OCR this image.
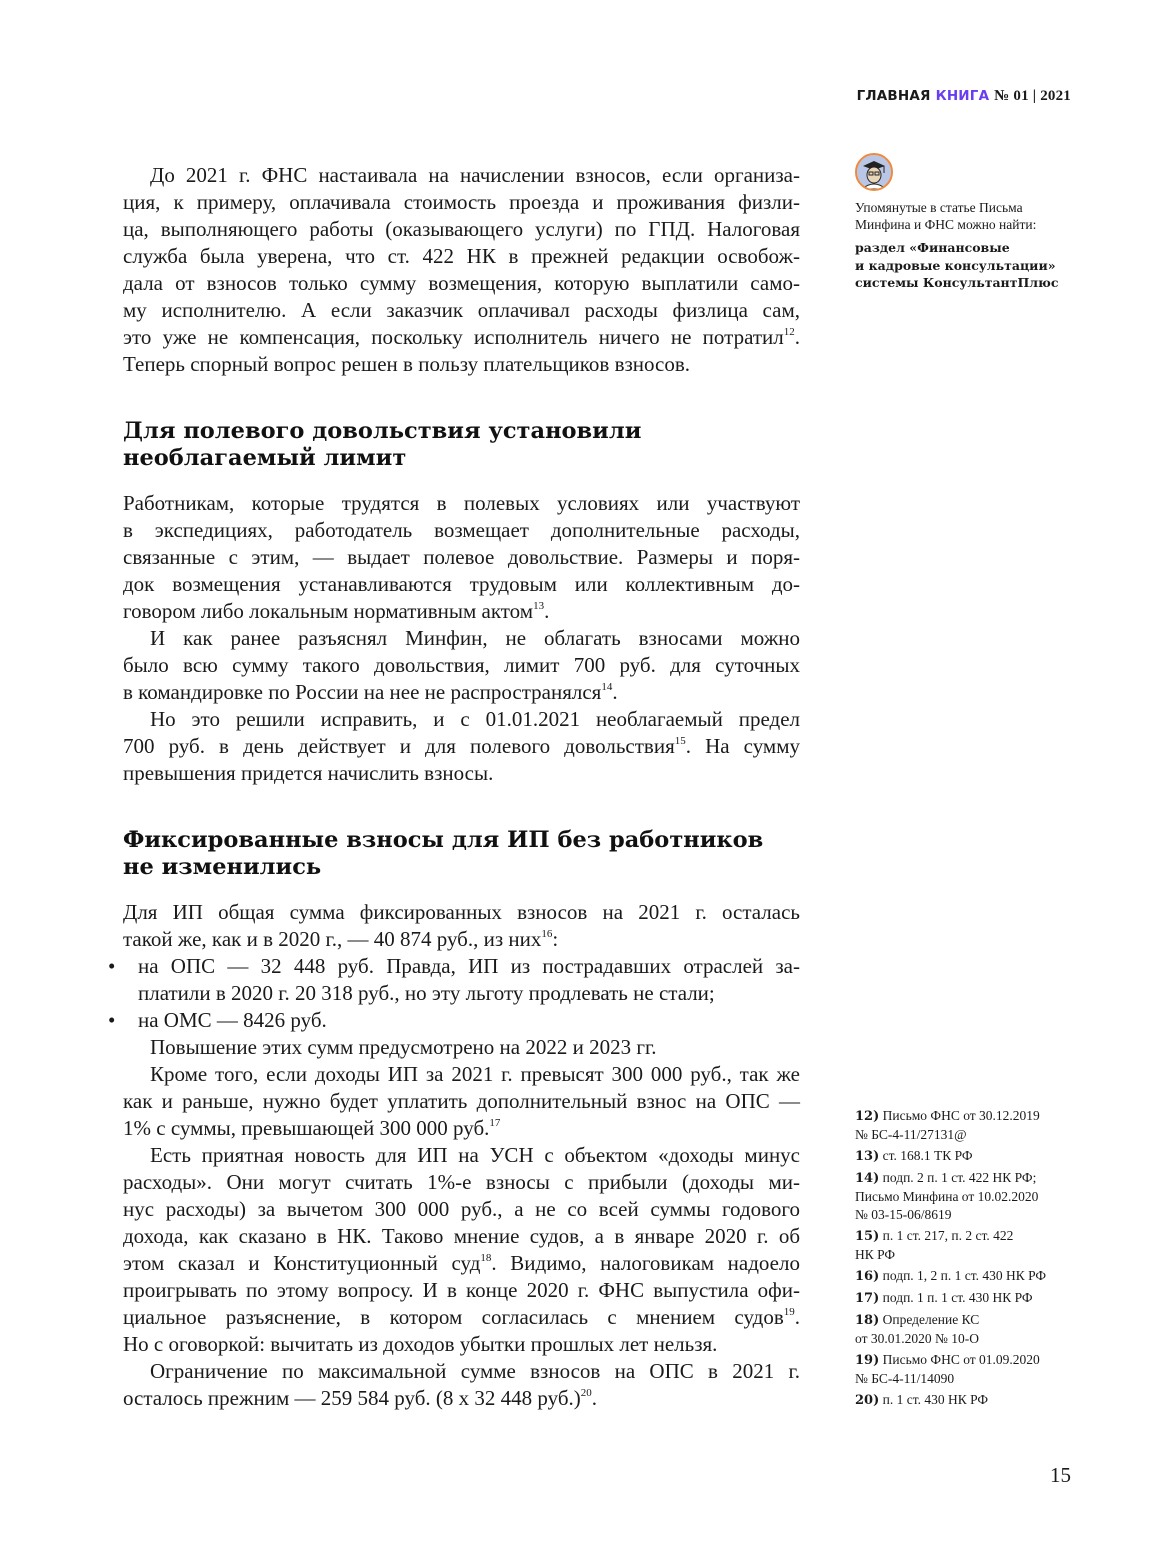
ГЛАВНАЯ КНИГА № 01 | 2021
Упомянутые в статье Письма
Минфина и ФНС можно найти:
раздел «Финансовые
и кадровые консультации»
системы КонсультантПлюс
До 2021 г. ФНС настаивала на начислении взносов, если организа-
ция, к примеру, оплачивала стоимость проезда и проживания физли-
ца, выполняющего работы (оказывающего услуги) по ГПД. Налоговая
служба была уверена, что ст. 422 НК в прежней редакции освобож-
дала от взносов только сумму возмещения, которую выплатили само-
му исполнителю. А если заказчик оплачивал расходы физлица сам,
это уже не компенсация, поскольку исполнитель ничего не потратил$^{12}$.
Теперь спорный вопрос решен в пользу плательщиков взносов.
Для полевого довольствия установили
необлагаемый лимит
Работникам, которые трудятся в полевых условиях или участвуют
в экспедициях, работодатель возмещает дополнительные расходы,
связанные с этим, — выдает полевое довольствие. Размеры и поря-
док возмещения устанавливаются трудовым или коллективным до-
говором либо локальным нормативным актом$^{13}$.
И как ранее разъяснял Минфин, не облагать взносами можно
было всю сумму такого довольствия, лимит 700 руб. для суточных
в командировке по России на нее не распространялся$^{14}$.
Но это решили исправить, и с 01.01.2021 необлагаемый предел
700 руб. в день действует и для полевого довольствия$^{15}$. На сумму
превышения придется начислить взносы.
Фиксированные взносы для ИП без работников
не изменились
Для ИП общая сумма фиксированных взносов на 2021 г. осталась
такой же, как и в 2020 г., — 40 874 руб., из них$^{16}$:
• на ОПС — 32 448 руб. Правда, ИП из пострадавших отраслей за-
платили в 2020 г. 20 318 руб., но эту льготу продлевать не стали;
• на ОМС — 8426 руб.
Повышение этих сумм предусмотрено на 2022 и 2023 гг.
Кроме того, если доходы ИП за 2021 г. превысят 300 000 руб., так же
как и раньше, нужно будет уплатить дополнительный взнос на ОПС —
1% с суммы, превышающей 300 000 руб.$^{17}$
Есть приятная новость для ИП на УСН с объектом «доходы минус
расходы». Они могут считать 1%-е взносы с прибыли (доходы ми-
нус расходы) за вычетом 300 000 руб., а не со всей суммы годового
дохода, как сказано в НК. Таково мнение судов, а в январе 2020 г. об
этом сказал и Конституционный суд$^{18}$. Видимо, налоговикам надоело
проигрывать по этому вопросу. И в конце 2020 г. ФНС выпустила офи-
циальное разъяснение, в котором согласилась с мнением судов$^{19}$.
Но с оговоркой: вычитать из доходов убытки прошлых лет нельзя.
Ограничение по максимальной сумме взносов на ОПС в 2021 г.
осталось прежним — 259 584 руб. (8 х 32 448 руб.)$^{20}$.
12) Письмо ФНС от 30.12.2019
№ БС-4-11/27131@
13) ст. 168.1 ТК РФ
14) подп. 2 п. 1 ст. 422 НК РФ;
Письмо Минфина от 10.02.2020
№ 03-15-06/8619
15) п. 1 ст. 217, п. 2 ст. 422
НК РФ
16) подп. 1, 2 п. 1 ст. 430 НК РФ
17) подп. 1 п. 1 ст. 430 НК РФ
18) Определение КС
от 30.01.2020 № 10-О
19) Письмо ФНС от 01.09.2020
№ БС-4-11/14090
20) п. 1 ст. 430 НК РФ
15
